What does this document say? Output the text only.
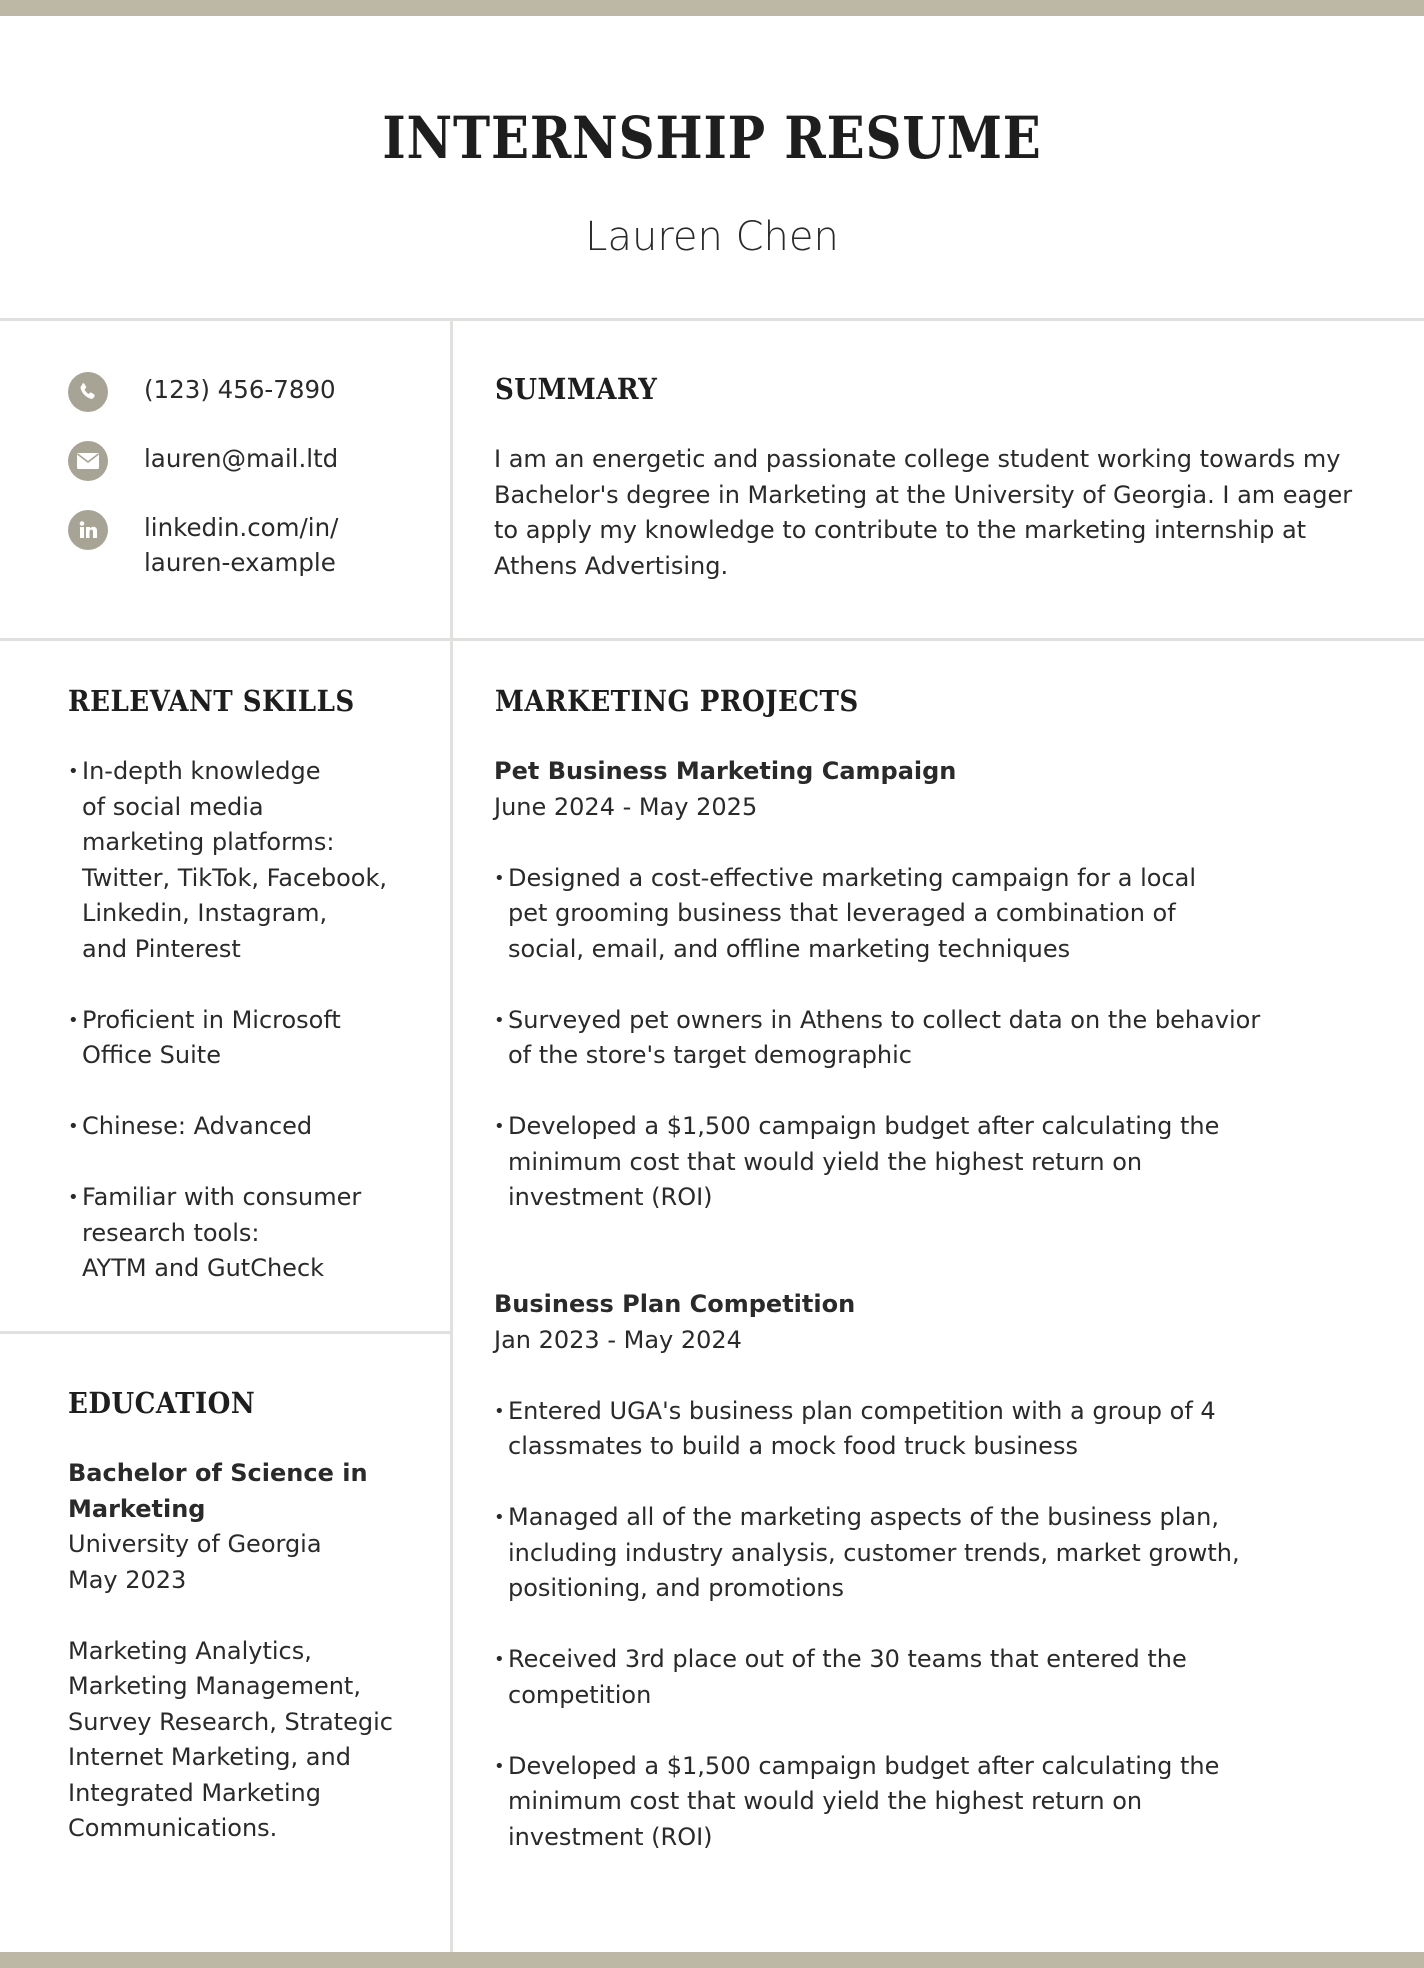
INTERNSHIP RESUME
Lauren Chen
(123) 456-7890
lauren@mail.ltd
linkedin.com/in/
lauren-example
SUMMARY

I am an energetic and passionate college student working towards my Bachelor's degree in Marketing at the University of Georgia. I am eager to apply my knowledge to contribute to the marketing internship at Athens Advertising.

RELEVANT SKILLS
• In-depth knowledge
of social media
marketing platforms:
Twitter, TikTok, Facebook,
Linkedin, Instagram,
and Pinterest
• Proficient in Microsoft
Office Suite
• Chinese: Advanced
• Familiar with consumer
research tools:
AYTM and GutCheck
EDUCATION
Bachelor of Science in Marketing
University of Georgia
May 2023
Marketing Analytics, Marketing Management, Survey Research, Strategic Internet Marketing, and Integrated Marketing Communications.
MARKETING PROJECTS
Pet Business Marketing Campaign
June 2024 - May 2025
• Designed a cost-effective marketing campaign for a local
pet grooming business that leveraged a combination of
social, email, and offline marketing techniques
• Surveyed pet owners in Athens to collect data on the behavior
of the store's target demographic
• Developed a $1,500 campaign budget after calculating the
minimum cost that would yield the highest return on
investment (ROI)
Business Plan Competition
Jan 2023 - May 2024
• Entered UGA's business plan competition with a group of 4
classmates to build a mock food truck business
• Managed all of the marketing aspects of the business plan,
including industry analysis, customer trends, market growth,
positioning, and promotions
• Received 3rd place out of the 30 teams that entered the
competition
• Developed a $1,500 campaign budget after calculating the
minimum cost that would yield the highest return on
investment (ROI)
